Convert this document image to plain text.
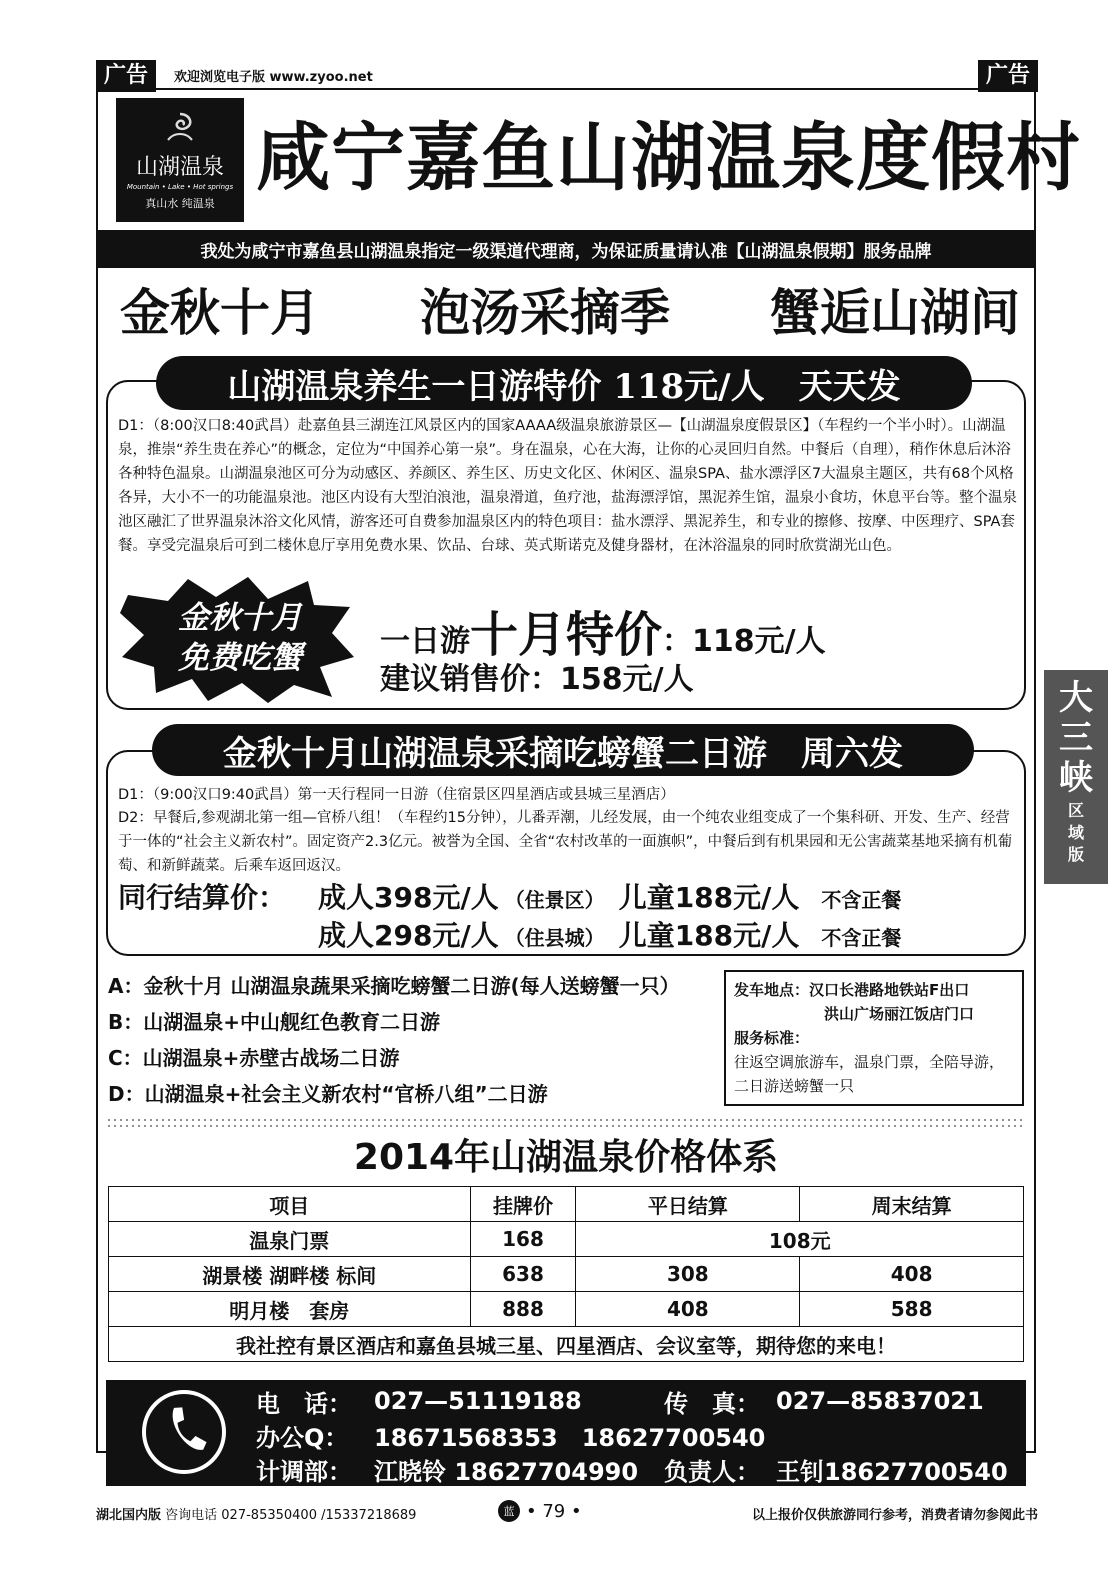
广告	欢迎浏览电子版 www.zyoo.net	广告
山湖温泉
Mountain • Lake • Hot springs
真山水 纯温泉
咸宁嘉鱼山湖温泉度假村
我处为咸宁市嘉鱼县山湖温泉指定一级渠道代理商，为保证质量请认准【山湖温泉假期】服务品牌
金秋十月 泡汤采摘季 蟹逅山湖间
山湖温泉养生一日游特价 118元/人　天天发
D1：（8:00汉口8:40武昌）赴嘉鱼县三湖连江风景区内的国家AAAA级温泉旅游景区—【山湖温泉度假景区】（车程约一个半小时）。山湖温泉，推崇“养生贵在养心”的概念，定位为“中国养心第一泉”。身在温泉，心在大海，让你的心灵回归自然。中餐后（自理），稍作休息后沐浴各种特色温泉。山湖温泉池区可分为动感区、养颜区、养生区、历史文化区、休闲区、温泉SPA、盐水漂浮区7大温泉主题区，共有68个风格各异，大小不一的功能温泉池。池区内设有大型泊浪池，温泉滑道，鱼疗池，盐海漂浮馆，黑泥养生馆，温泉小食坊，休息平台等。整个温泉池区融汇了世界温泉沐浴文化风情，游客还可自费参加温泉区内的特色项目：盐水漂浮、黑泥养生，和专业的擦修、按摩、中医理疗、SPA套餐。享受完温泉后可到二楼休息厅享用免费水果、饮品、台球、英式斯诺克及健身器材，在沐浴温泉的同时欣赏湖光山色。
金秋十月
免费吃蟹	一日游 十月特价 ：118元/人
建议销售价：158元/人
金秋十月山湖温泉采摘吃螃蟹二日游　周六发
D1：（9:00汉口9:40武昌）第一天行程同一日游（住宿景区四星酒店或县城三星酒店）
D2：早餐后,参观湖北第一组—官桥八组！（车程约15分钟），儿番弄潮，儿经发展，由一个纯农业组变成了一个集科研、开发、生产、经营于一体的“社会主义新农村”。固定资产2.3亿元。被誉为全国、全省“农村改革的一面旗帜”，中餐后到有机果园和无公害蔬菜基地采摘有机葡萄、和新鲜蔬菜。后乘车返回返汉。
同行结算价： 成人398元/人 （住景区） 儿童188元/人 不含正餐
成人298元/人 （住县城） 儿童188元/人 不含正餐
A：金秋十月 山湖温泉蔬果采摘吃螃蟹二日游(每人送螃蟹一只）
B：山湖温泉+中山舰红色教育二日游
C：山湖温泉+赤壁古战场二日游
D：山湖温泉+社会主义新农村“官桥八组”二日游
发车地点： 汉口长港路地铁站F出口
洪山广场丽江饭店门口
服务标准：
往返空调旅游车，温泉门票，全陪导游，二日游送螃蟹一只
2014年山湖温泉价格体系
项目	挂牌价	平日结算	周末结算
温泉门票	168	108元	
湖景楼 湖畔楼 标间	638	308	408
明月楼　套房	888	408	588
我社控有景区酒店和嘉鱼县城三星、四星酒店、会议室等，期待您的来电！			
电　话： 027—51119188	传　真： 027—85837021
办公Q：	18671568353　18627700540
计调部： 江晓铃 18627704990	负责人： 王钊18627700540
大三峡
区
域
版
湖北国内版 咨询电话 027-85350400 /15337218689	蓝 • 79 •	以上报价仅供旅游同行参考，消费者请勿参阅此书
